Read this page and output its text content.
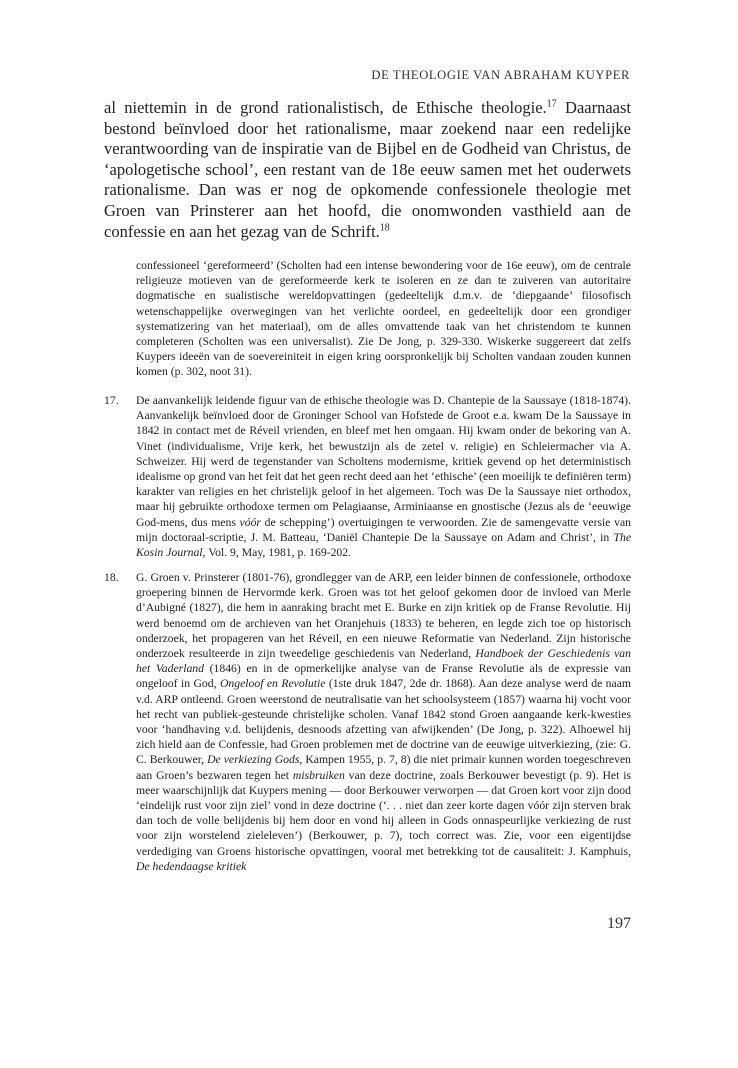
DE THEOLOGIE VAN ABRAHAM KUYPER

al niettemin in de grond rationalistisch, de Ethische theologie.$^{17}$ Daarnaast bestond beïnvloed door het rationalisme, maar zoekend naar een redelijke verantwoording van de inspiratie van de Bijbel en de Godheid van Christus, de ‘apologetische school’, een restant van de 18e eeuw samen met het ouderwets rationalisme. Dan was er nog de opkomende confessionele theologie met Groen van Prinsterer aan het hoofd, die onomwonden vasthield aan de confessie en aan het gezag van de Schrift.$^{18}$

confessioneel ‘gereformeerd’ (Scholten had een intense bewondering voor de 16e eeuw), om de centrale religieuze motieven van de gereformeerde kerk te isoleren en ze dan te zuiveren van autoritaire dogmatische en sualistische wereldopvattingen (gedeeltelijk d.m.v. de ‘diepgaande’ filosofisch wetenschappelijke overwegingen van het verlichte oordeel, en gedeeltelijk door een grondiger systematizering van het materiaal), om de alles omvattende taak van het christendom te kunnen completeren (Scholten was een universalist). Zie De Jong, p. 329-330. Wiskerke suggereert dat zelfs Kuypers ideeën van de soevereiniteit in eigen kring oorspronkelijk bij Scholten vandaan zouden kunnen komen (p. 302, noot 31).

17.	De aanvankelijk leidende figuur van de ethische theologie was D. Chantepie de la Saussaye (1818-1874). Aanvankelijk beïnvloed door de Groninger School van Hofstede de Groot e.a. kwam De la Saussaye in 1842 in contact met de Réveil vrienden, en bleef met hen omgaan. Hij kwam onder de bekoring van A. Vinet (individualisme, Vrije kerk, het bewustzijn als de zetel v. religie) en Schleiermacher via A. Schweizer. Hij werd de tegenstander van Scholtens modernisme, kritiek gevend op het deterministisch idealisme op grond van het feit dat het geen recht deed aan het ‘ethische’ (een moeilijk te definiëren term) karakter van religies en het christelijk geloof in het algemeen. Toch was De la Saussaye niet orthodox, maar hij gebruikte orthodoxe termen om Pelagiaanse, Arminiaanse en gnostische (Jezus als de ‘eeuwige God-mens, dus mens vóór de schepping’) overtuigingen te verwoorden. Zie de samengevatte versie van mijn doctoraal-scriptie, J. M. Batteau, ‘Daniël Chantepie De la Saussaye on Adam and Christ’, in The Kosin Journal, Vol. 9, May, 1981, p. 169-202.
18.	G. Groen v. Prinsterer (1801-76), grondlegger van de ARP, een leider binnen de confessionele, orthodoxe groepering binnen de Hervormde kerk. Groen was tot het geloof gekomen door de invloed van Merle d’Aubigné (1827), die hem in aanraking bracht met E. Burke en zijn kritiek op de Franse Revolutie. Hij werd benoemd om de archieven van het Oranjehuis (1833) te beheren, en legde zich toe op historisch onderzoek, het propageren van het Réveil, en een nieuwe Reformatie van Nederland. Zijn historische onderzoek resulteerde in zijn tweedelige geschiedenis van Nederland, Handboek der Geschiedenis van het Vaderland (1846) en in de opmerkelijke analyse van de Franse Revolutie als de expressie van ongeloof in God, Ongeloof en Revolutie (1ste druk 1847, 2de dr. 1868). Aan deze analyse werd de naam v.d. ARP ontleend. Groen weerstond de neutralisatie van het schoolsysteem (1857) waarna hij vocht voor het recht van publiek-gesteunde christelijke scholen. Vanaf 1842 stond Groen aangaande kerk-kwesties voor ‘handhaving v.d. belijdenis, desnoods afzetting van afwijkenden’ (De Jong, p. 322). Alhoewel hij zich hield aan de Confessie, had Groen problemen met de doctrine van de eeuwige uitverkiezing, (zie: G. C. Berkouwer, De verkiezing Gods, Kampen 1955, p. 7, 8) die niet primair kunnen worden toegeschreven aan Groen’s bezwaren tegen het misbruiken van deze doctrine, zoals Berkouwer bevestigt (p. 9). Het is meer waarschijnlijk dat Kuypers mening — door Berkouwer verworpen — dat Groen kort voor zijn dood ‘eindelijk rust voor zijn ziel’ vond in deze doctrine (‘. . . niet dan zeer korte dagen vóór zijn sterven brak dan toch de volle belijdenis bij hem door en vond hij alleen in Gods onnaspeurlijke verkiezing de rust voor zijn worstelend zieleleven’) (Berkouwer, p. 7), toch correct was. Zie, voor een eigentijdse verdediging van Groens historische opvattingen, vooral met betrekking tot de causaliteit: J. Kamphuis, De hedendaagse kritiek
197
